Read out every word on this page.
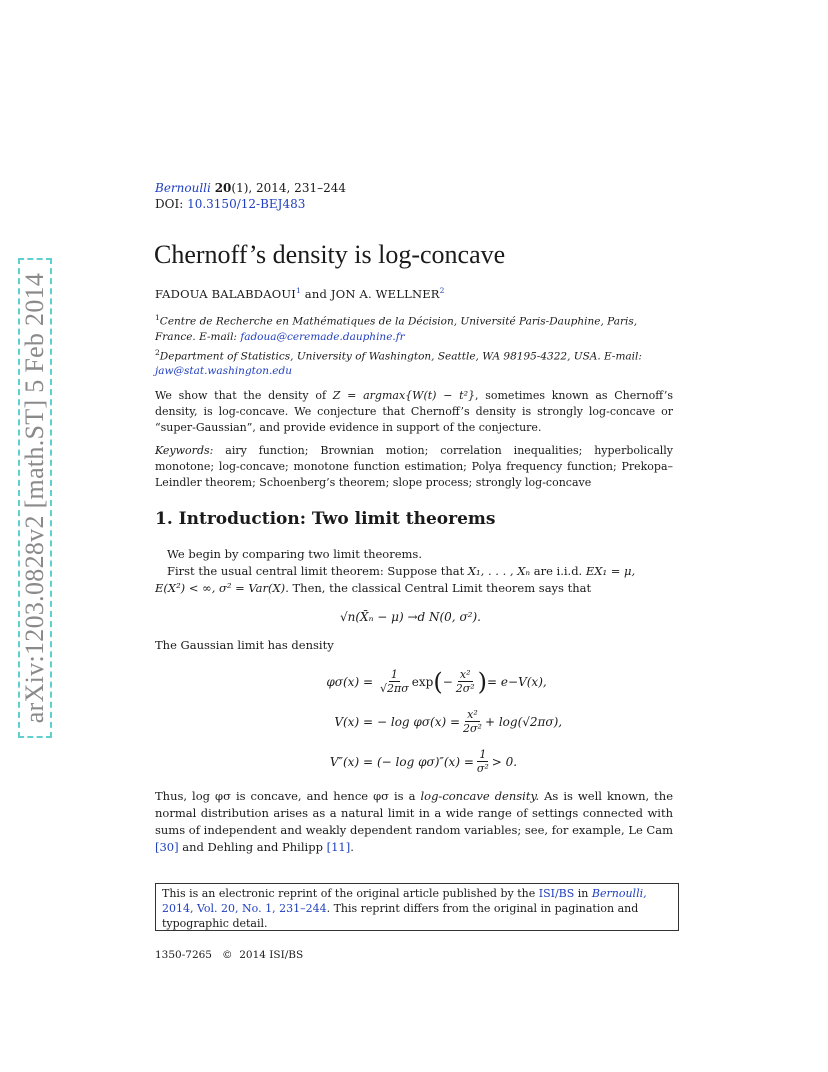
arXiv:1203.0828v2 [math.ST] 5 Feb 2014
Bernoulli 20(1), 2014, 231–244
DOI: 10.3150/12-BEJ483
Chernoff’s density is log-concave
FADOUA BALABDAOUI$^1$ and JON A. WELLNER$^2$
$^1$Centre de Recherche en Mathématiques de la Décision, Université Paris-Dauphine, Paris, France. E-mail: fadoua@ceremade.dauphine.fr
$^2$Department of Statistics, University of Washington, Seattle, WA 98195-4322, USA. E-mail: jaw@stat.washington.edu
We show that the density of Z = argmax{W(t) − t²}, sometimes known as Chernoff’s density, is log-concave. We conjecture that Chernoff’s density is strongly log-concave or “super-Gaussian”, and provide evidence in support of the conjecture.
Keywords: airy function; Brownian motion; correlation inequalities; hyperbolically monotone; log-concave; monotone function estimation; Polya frequency function; Prekopa–Leindler theorem; Schoenberg’s theorem; slope process; strongly log-concave
1. Introduction: Two limit theorems
We begin by comparing two limit theorems.
First the usual central limit theorem: Suppose that X₁, . . . , Xₙ are i.i.d. EX₁ = μ,
E(X²) < ∞, σ² = Var(X). Then, the classical Central Limit theorem says that
√n(X̄ₙ − μ) →d N(0, σ²).
The Gaussian limit has density
$\varphi\sigma(x) = \frac{1}{√2\pi\sigma}$ exp ( − $\frac{\text{x²}}{\text{2σ²}}$ ) = e−V(x),
V(x) = − $\log \varphi\sigma(x) = \frac{\text{x²}}{\text{2σ²}} + \log(√2\pi\sigma)$,
V″(x) = (− $\log \varphi\sigma)''(x) = \frac{1}{\text{σ²}} > 0$.
Thus, log φσ is concave, and hence φσ is a log-concave density. As is well known, the normal distribution arises as a natural limit in a wide range of settings connected with sums of independent and weakly dependent random variables; see, for example, Le Cam [30] and Dehling and Philipp [11].
This is an electronic reprint of the original article published by the ISI/BS in Bernoulli, 2014, Vol. 20, No. 1, 231–244. This reprint differs from the original in pagination and typographic detail.
1350-7265 © 2014 ISI/BS
